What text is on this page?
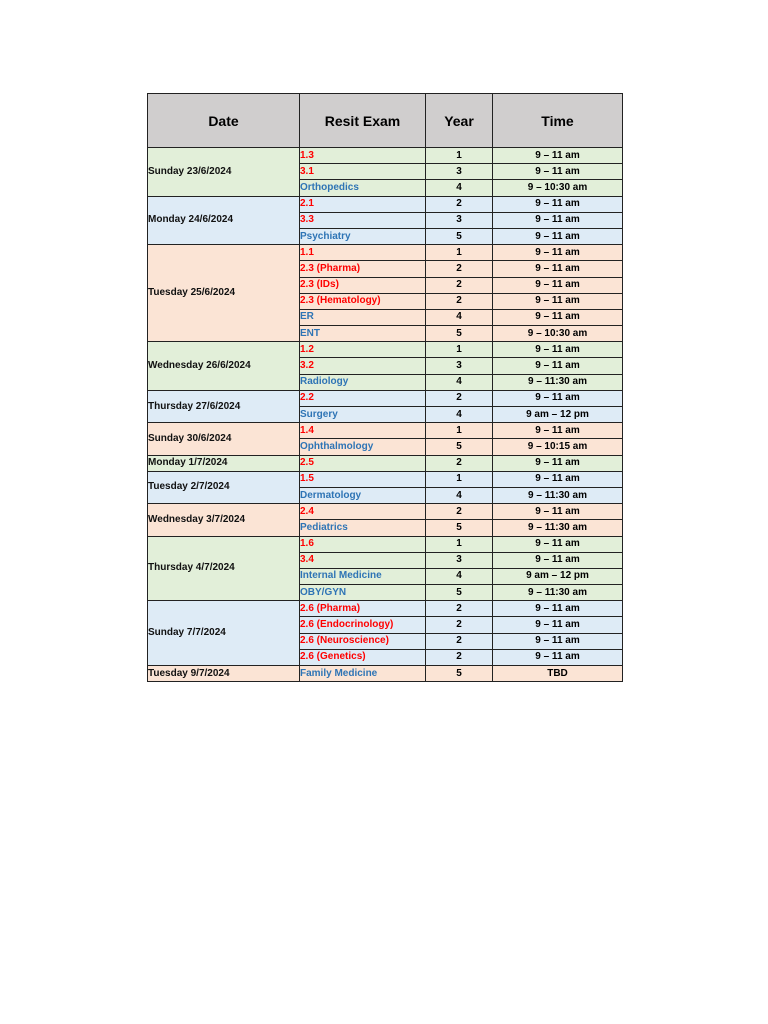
Date	Resit Exam	Year	Time
Sunday 23/6/2024	1.3	1	9 – 11 am
	3.1	3	9 – 11 am
	Orthopedics	4	9 – 10:30 am
Monday 24/6/2024	2.1	2	9 – 11 am
	3.3	3	9 – 11 am
	Psychiatry	5	9 – 11 am
Tuesday 25/6/2024	1.1	1	9 – 11 am
	2.3 (Pharma)	2	9 – 11 am
	2.3 (IDs)	2	9 – 11 am
	2.3 (Hematology)	2	9 – 11 am
	ER	4	9 – 11 am
	ENT	5	9 – 10:30 am
Wednesday 26/6/2024	1.2	1	9 – 11 am
	3.2	3	9 – 11 am
	Radiology	4	9 – 11:30 am
Thursday 27/6/2024	2.2	2	9 – 11 am
	Surgery	4	9 am – 12 pm
Sunday 30/6/2024	1.4	1	9 – 11 am
	Ophthalmology	5	9 – 10:15 am
Monday 1/7/2024	2.5	2	9 – 11 am
Tuesday 2/7/2024	1.5	1	9 – 11 am
	Dermatology	4	9 – 11:30 am
Wednesday 3/7/2024	2.4	2	9 – 11 am
	Pediatrics	5	9 – 11:30 am
Thursday 4/7/2024	1.6	1	9 – 11 am
	3.4	3	9 – 11 am
	Internal Medicine	4	9 am – 12 pm
	OBY/GYN	5	9 – 11:30 am
Sunday 7/7/2024	2.6 (Pharma)	2	9 – 11 am
	2.6 (Endocrinology)	2	9 – 11 am
	2.6 (Neuroscience)	2	9 – 11 am
	2.6 (Genetics)	2	9 – 11 am
Tuesday 9/7/2024	Family Medicine	5	TBD
